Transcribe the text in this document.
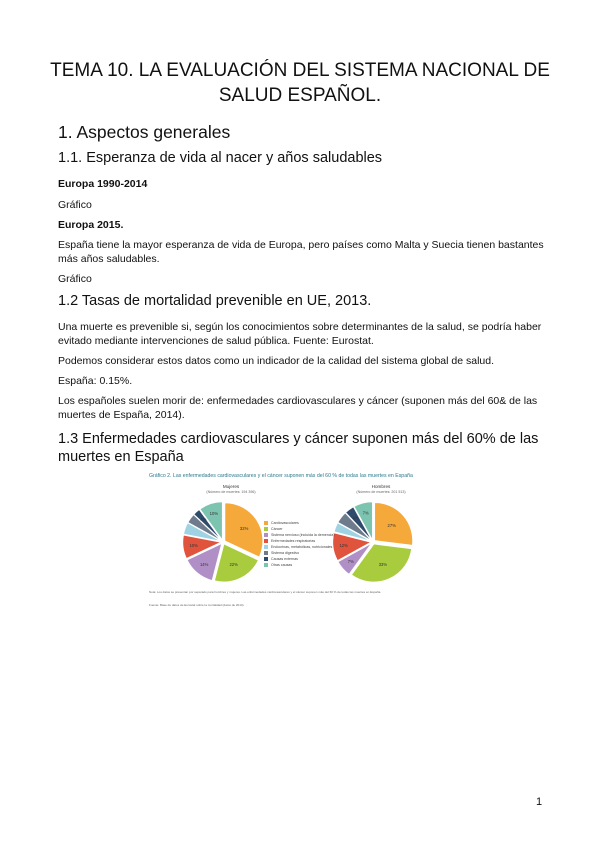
TEMA 10. LA EVALUACIÓN DEL SISTEMA NACIONAL DE SALUD ESPAÑOL.
1. Aspectos generales
1.1. Esperanza de vida al nacer y años saludables
Europa 1990-2014
Gráfico
Europa 2015.
España tiene la mayor esperanza de vida de Europa, pero países como Malta y Suecia tienen bastantes más años saludables.
Gráfico
1.2 Tasas de mortalidad prevenible en UE, 2013.
Una muerte es prevenible si, según los conocimientos sobre determinantes de la salud, se podría haber evitado mediante intervenciones de salud pública. Fuente: Eurostat.
Podemos considerar estos datos como un indicador de la calidad del sistema global de salud.
España: 0.15%.
Los españoles suelen morir de: enfermedades cardiovasculares y cáncer (suponen más del 60& de las muertes de España, 2014).
1.3 Enfermedades cardiovasculares y cáncer suponen más del 60% de las muertes en España
Gráfico 2. Las enfermedades cardiovasculares y el cáncer suponen más del 60 % de todas las muertes en España
Mujeres
(Número de muertes: 194 396)
Hombres
(Número de muertes: 201 513)
32%
22%
14%
10%
4%
10%
27%
33%
7%
12%
4%
7%
Cardiovasculares
Cáncer
Sistema nervioso (incluida la demencia)
Enfermedades respiratorias
Endocrinas, metabólicas, nutricionales
Sistema digestivo
Causas externas
Otras causas
Nota: Los datos se presentan por separado para hombres y mujeres. Las enfermedades cardiovasculares y el cáncer suponen más del 60 % de todas las muertes en España.
Fuente: Base de datos de Eurostat sobre la mortalidad (datos de 2014).
1
